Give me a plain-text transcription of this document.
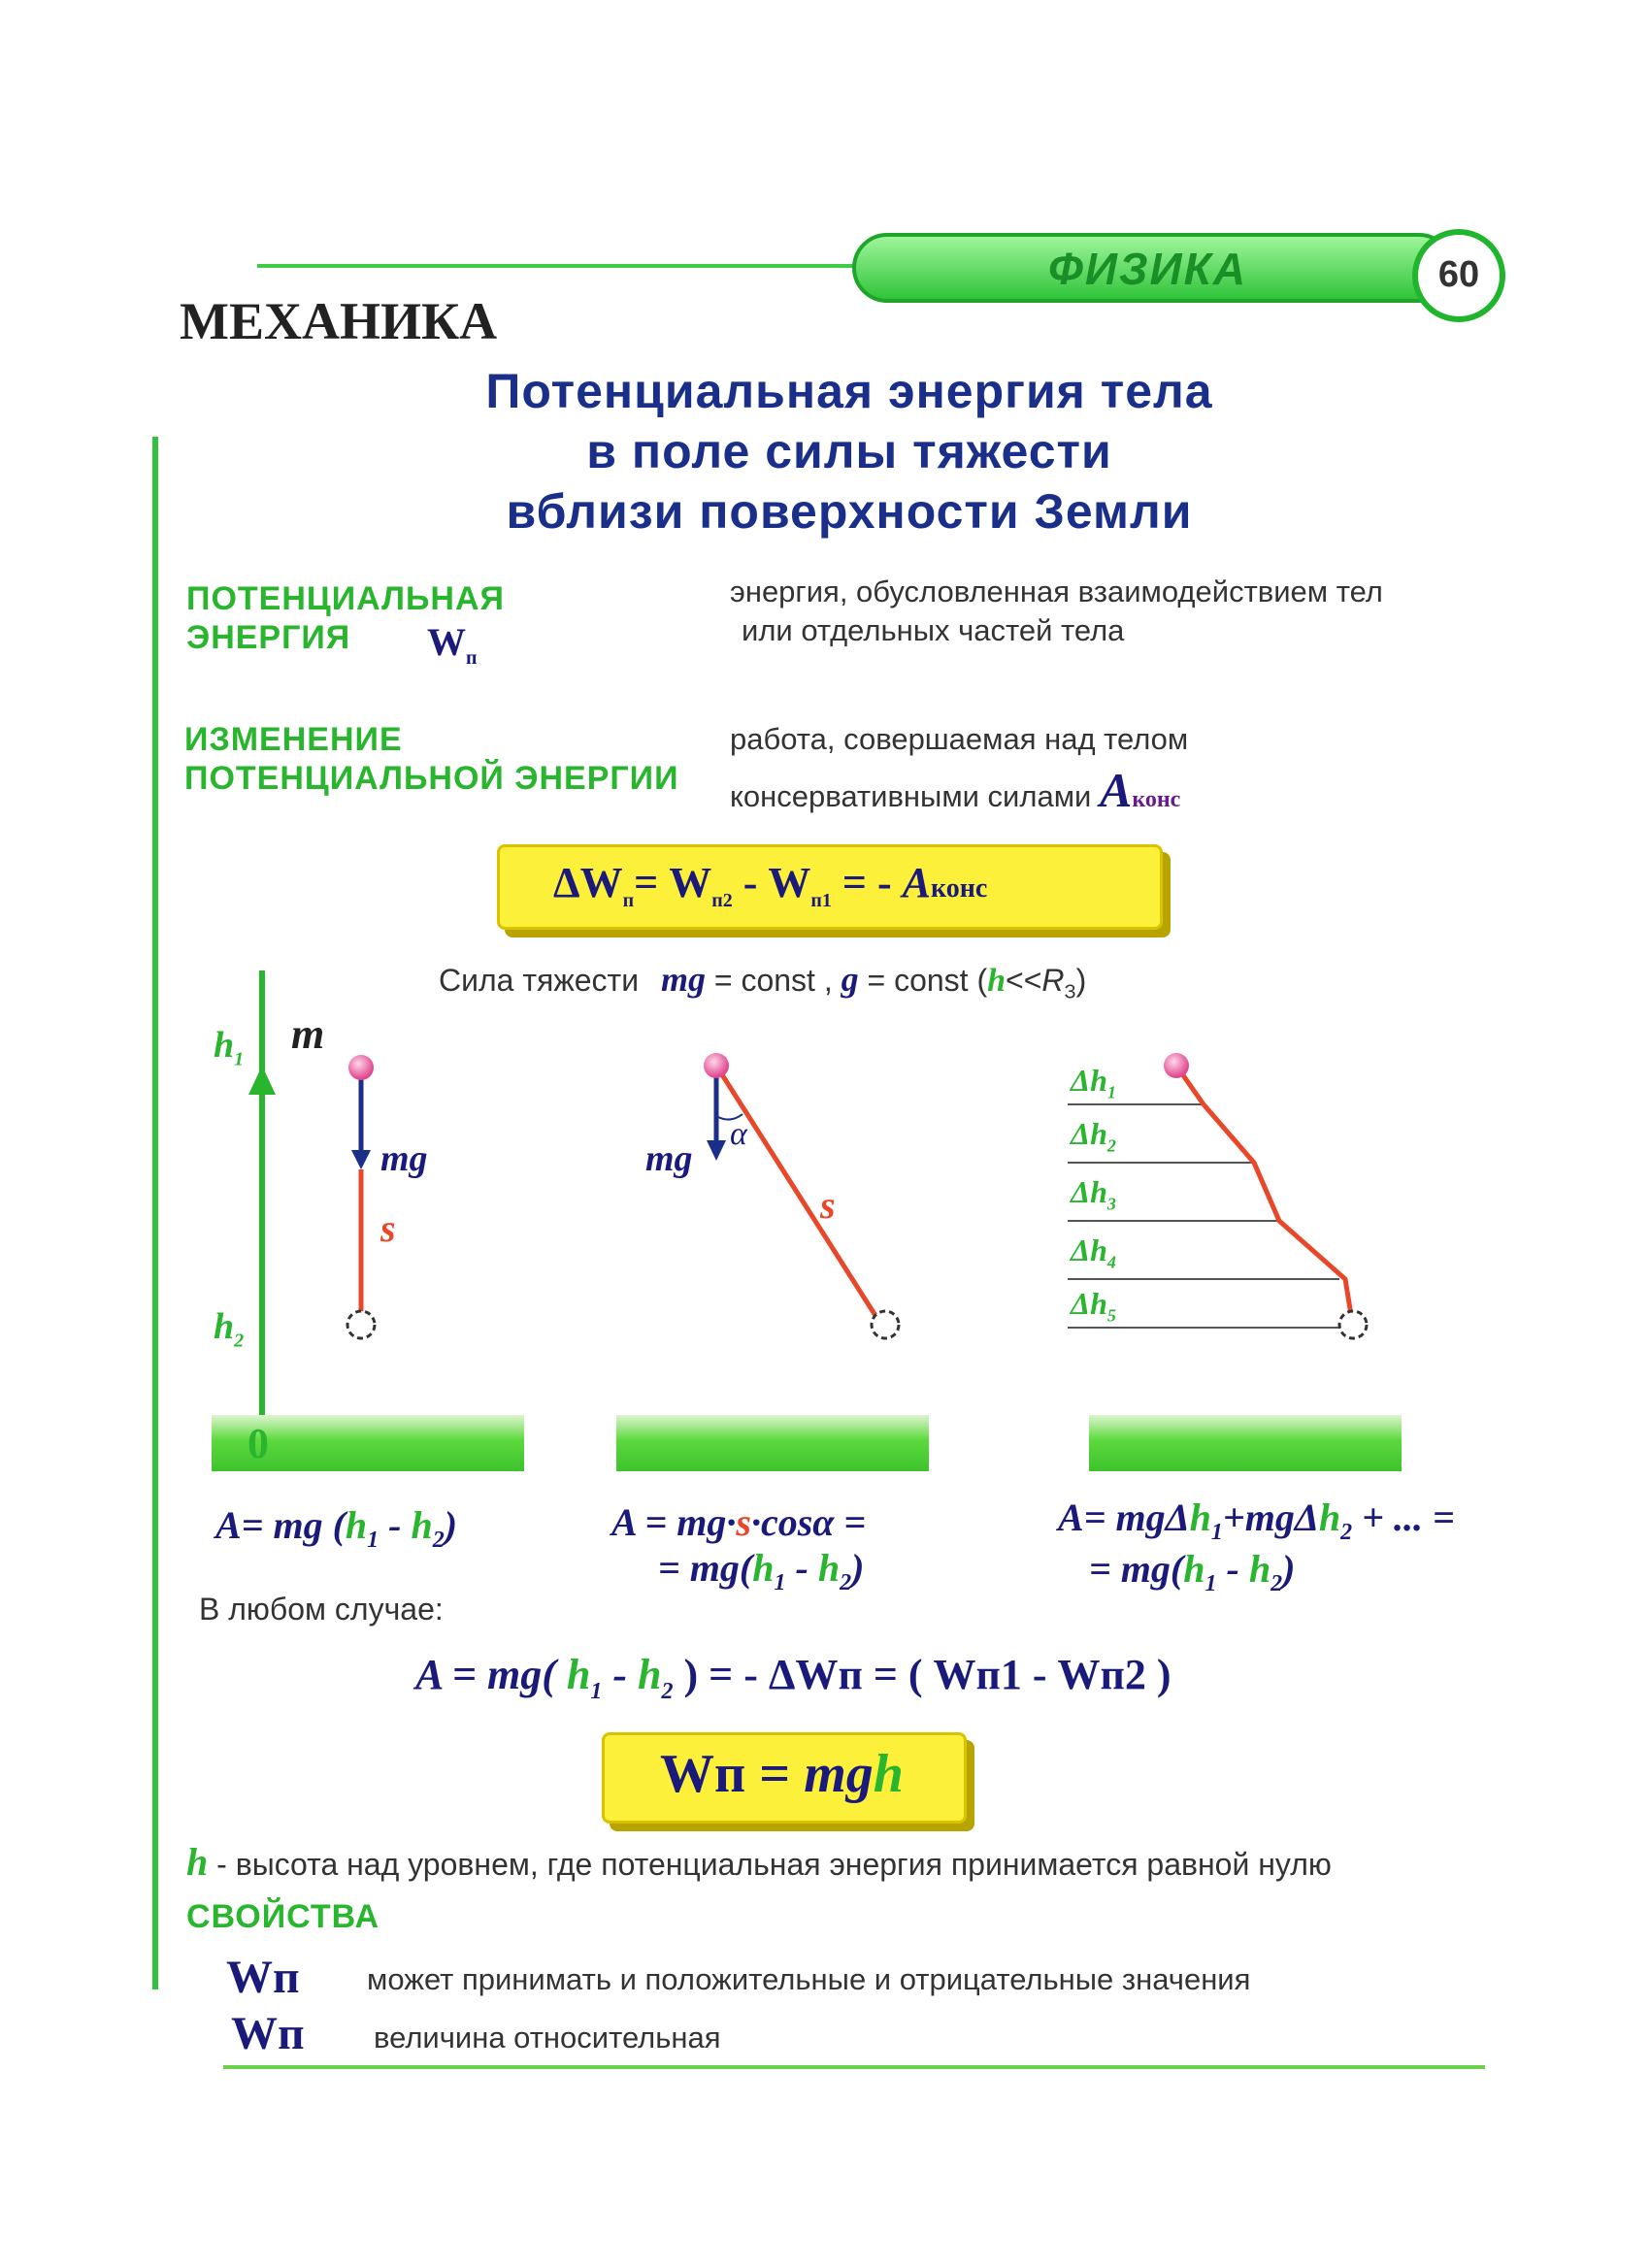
ФИЗИКА	60
МЕХАНИКА
Потенциальная энергия тела
в поле силы тяжести
вблизи поверхности Земли
ПОТЕНЦИАЛЬНАЯ
ЭНЕРГИЯ	$W_п$
энергия, обусловленная взаимодействием тел
или отдельных частей тела
ИЗМЕНЕНИЕ
ПОТЕНЦИАЛЬНОЙ ЭНЕРГИИ
работа, совершаемая над телом
консервативными силами Aконс
$\Delta W_п= W_{п2} - W_{п1}$ = - Aконс
Сила тяжести mg = const , g = const $(h<<R_З)$
$h_1$
m
mg
s
$h_2$
mg
α
s
$\Delta h_1$
$\Delta h_2$
$\Delta h_3$
$\Delta h_4$
$\Delta h_5$
0
A= mg $(h_1 - h_2)$	A = mg·s·cosα =
= $mg(h_1 - h_2)$
A= mgΔh$_1$+mgΔh$_2$ + ... =
= $mg(h_1 - h_2)$
В любом случае:
A = mg( $h_1 - h_2$ ) = - ΔWп = ( Wп1 - Wп2 )
Wп = mgh
h - высота над уровнем, где потенциальная энергия принимается равной нулю
СВОЙСТВА
Wп может принимать и положительные и отрицательные значения
Wп величина относительная
